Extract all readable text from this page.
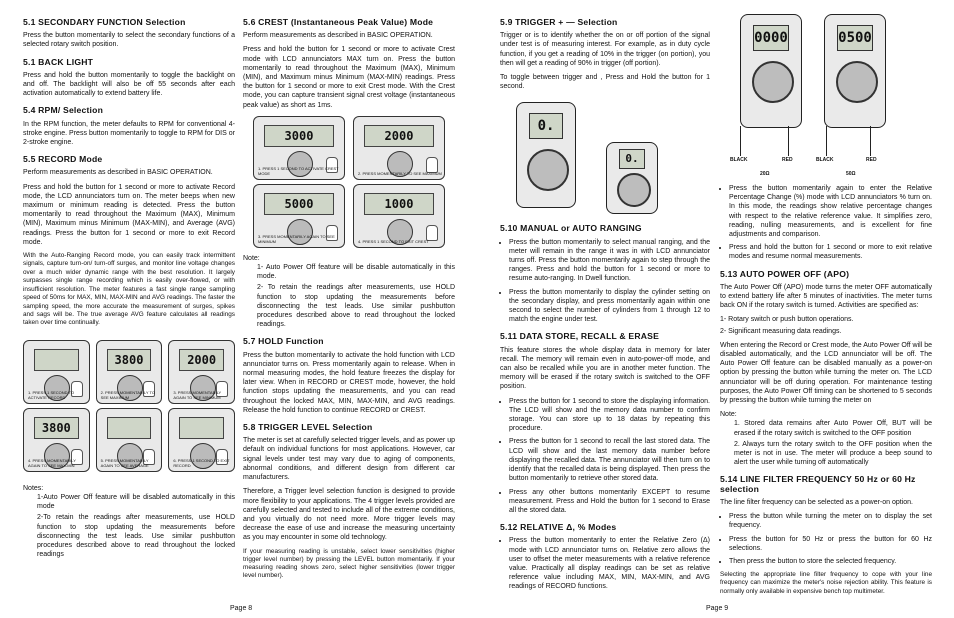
5.1 SECONDARY FUNCTION Selection

Press the button momentarily to select the secondary functions of a selected rotary switch position.

5.1 BACK LIGHT

Press and hold the button momentarily to toggle the backlight on and off. The backlight will also be off 55 seconds after each activation automatically to extend battery life.

5.4 RPM/ Selection

In the RPM function, the meter defaults to RPM for conventional 4-stroke engine. Press button momentarily to toggle to RPM for DIS or 2-stroke engine.

5.5 RECORD Mode

Perform measurements as described in BASIC OPERATION.

Press and hold the button for 1 second or more to activate Record mode, the LCD annunciators turn on. The meter beeps when new maximum or minimum reading is detected. Press the button momentarily to read throughout the Maximum (MAX), Minimum (MIN), Maximum minus Minimum (MAX-MIN), and Average (AVG) readings. Press the button for 1 second or more to exit Record mode.

With the Auto-Ranging Record mode, you can easily track intermittent signals, capture turn-on/ turn-off surges, and monitor line voltage changes over a much wider dynamic range with the best resolution. It largely surpasses single range recording which is easily over-flowed, or with insufficient resolution. The meter features a fast single range sampling speed of 50ms for MAX, MIN, MAX-MIN and AVG readings. The faster the sampling speed, the more accurate the measurement of surges, spikes and sags will be. The true average AVG feature calculates all readings taken over time continually.

1. PRESS 1 SECOND TO ACTIVATE RECORD
3800
2. PRESS MOMENTARILY TO SEE MAXIMUM
2000
3. PRESS MOMENTARILY AGAIN TO SEE MINIMUM
3800
4. PRESS MOMENTARILY AGAIN TO SEE MAX-MIN
5. PRESS MOMENTARILY AGAIN TO SEE AVERAGE
6. PRESS 1 SECOND TO EXIT RECORD

Notes:

1-Auto Power Off feature will be disabled automatically in this mode

2-To retain the readings after measurements, use HOLD function to stop updating the measurements before disconnecting the test leads. Use similar pushbutton procedures described above to read throughout the locked readings

Page 8
5.6 CREST (Instantaneous Peak Value) Mode

Perform measurements as described in BASIC OPERATION.

Press and hold the button for 1 second or more to activate Crest mode with LCD annunciators MAX turn on. Press the button momentarily to read throughout the Maximum (MAX), Minimum (MIN), and Maximum minus Minimum (MAX-MIN) readings. Press the button for 1 second or more to exit Crest mode. With the Crest mode, you can capture transient signal crest voltage (instantaneous peak value) as short as 1ms.

3000
1. PRESS 1 SECOND TO ACTIVATE CREST MODE
2000
2. PRESS MOMENTARILY TO SEE MAXIMUM
5000
3. PRESS MOMENTARILY AGAIN TO SEE MINIMUM
1000
4. PRESS 1 SECOND TO EXIT CREST

Note:

1- Auto Power Off feature will be disable automatically in this mode.

2- To retain the readings after measurements, use HOLD function to stop updating the measurements before disconnecting the test leads. Use similar pushbutton procedures described above to read throughout the locked readings.

5.7 HOLD Function

Press the button momentarily to activate the hold function with LCD annunciator turns on. Press momentarily again to release. When in normal measuring modes, the hold feature freezes the display for later view. When in RECORD or CREST mode, however, the hold function stops updating the measurements, and you can read throughout the locked MAX, MIN, MAX-MIN, and AVG readings. Release the hold function to continue RECORD or CREST.

5.8 TRIGGER LEVEL Selection

The meter is set at carefully selected trigger levels, and as power up default on individual functions for most applications. However, car signal levels under test may vary due to aging of components, abnormal conditions, and different design from different car manufacturers.

Therefore, a Trigger level selection function is designed to provide more flexibility to your applications. The 4 trigger levels provided are carefully selected and tested to include all of the extreme conditions, and you virtually do not need more. More trigger levels may decrease the ease of use and increase the measuring uncertainty as you may encounter in some old technology.

If your measuring reading is unstable, select lower sensitivities (higher trigger level number) by pressing the LEVEL button momentarily. If your measuring reading shows zero, select higher sensitivities (lower trigger level number).

5.9 TRIGGER + — Selection

Trigger or is to identify whether the on or off portion of the signal under test is of measuring interest. For example, as in duty cycle function, if you get a reading of 10% in the trigger (on portion), you then will get a reading of 90% in trigger (off portion).

To toggle between trigger and , Press and Hold the button for 1 second.

0.
0.
5.10 MANUAL or AUTO RANGING
• Press the button momentarily to select manual ranging, and the meter will remain in the range it was in with LCD annunciator turns off. Press the button momentarily again to step through the ranges. Press and hold the button for 1 second or more to resume auto-ranging. In Dwell function.
• Press the button momentarily to display the cylinder setting on the secondary display, and press momentarily again within one second to select the number of cylinders from 1 through 12 to match the engine under test.
5.11 DATA STORE, RECALL & ERASE

This feature stores the whole display data in memory for later recall. The memory will remain even in auto-power-off mode, and can also be recalled while you are in another meter function. The memory will be erased if the rotary switch is switched to the OFF position.

• Press the button for 1 second to store the displaying information. The LCD will show and the memory data number to confirm storage. You can store up to 18 datas by repeating this procedure.
• Press the button for 1 second to recall the last stored data. The LCD will show and the last memory data number before displaying the recalled data. The annunciator will then turn on to identify that the recalled data is being displayed. Then press the button momentarily to retrieve other stored data.
• Press any other buttons momentarily EXCEPT to resume measurement. Press and Hold the button for 1 second to Erase all the stored data.
5.12 RELATIVE Δ, % Modes
• Press the button momentarily to enter the Relative Zero (Δ) mode with LCD annunciator turns on. Relative zero allows the user to offset the meter measurements with a relative reference value. Practically all display readings can be set as relative reference value including MAX, MIN, MAX-MIN, and AVG readings of RECORD functions.
0000	0500
BLACK	RED	BLACK	RED
20Ω	50Ω
• Press the button momentarily again to enter the Relative Percentage Change (%) mode with LCD annunciators % turn on. In this mode, the readings show relative percentage changes with respect to the relative reference value. It simplifies zero, reading, nulling measurements, and is excellent for fine adjustments and comparison.
• Press and hold the button for 1 second or more to exit relative modes and resume normal measurements.
5.13 AUTO POWER OFF (APO)

The Auto Power Off (APO) mode turns the meter OFF automatically to extend battery life after 5 minutes of inactivities. The meter turns back ON if the rotary switch is turned. Activities are specified as:

1- Rotary switch or push button operations.

2- Significant measuring data readings.

When entering the Record or Crest mode, the Auto Power Off will be disabled automatically, and the LCD annunciator will be off. The Auto Power Off feature can be disabled manually as a power-on option by pressing the button while turning the meter on. The LCD annunciator will be off during operation. For maintenance testing purposes, the Auto Power Off timing can be shortened to 5 seconds by pressing the button while turning the meter on

Note:

1. Stored data remains after Auto Power Off, BUT will be erased if the rotary switch is switched to the OFF position

2. Always turn the rotary switch to the OFF position when the meter is not in use. The meter will produce a beep sound to alert the user while turning off automatically

5.14 LINE FILTER FREQUENCY 50 Hz or 60 Hz selection

The line filter frequency can be selected as a power-on option.

• Press the button while turning the meter on to display the set frequency.
• Press the button for 50 Hz or press the button for 60 Hz selections.
• Then press the button to store the selected frequency.

Selecting the appropriate line filter frequency to cope with your line frequency can maximize the meter's noise rejection ability. This feature is normally only available in expensive bench top multimeter.

Page 9
